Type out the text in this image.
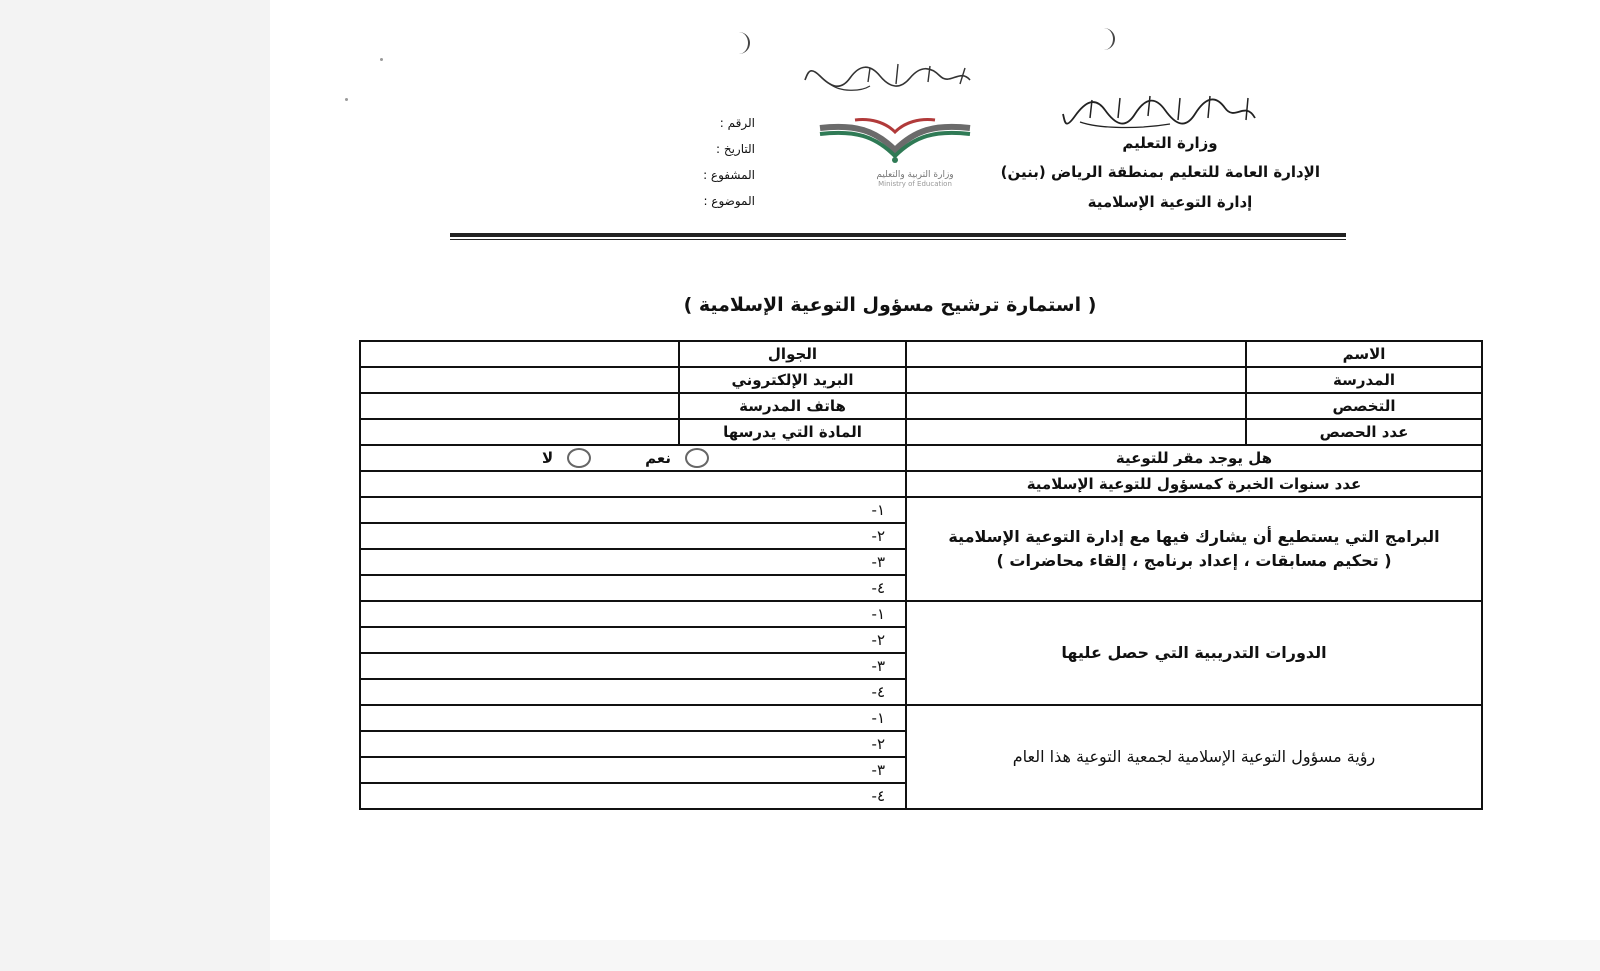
وزارة التربية والتعليم
Ministry of Education
وزارة التعليم
الإدارة العامة للتعليم بمنطقة الرياض (بنين)
إدارة التوعية الإسلامية
الرقم :
التاريخ :
المشفوع :
الموضوع :
( استمارة ترشيح مسؤول التوعية الإسلامية )
الاسم		الجوال	
المدرسة		البريد الإلكتروني	
التخصص		هاتف المدرسة	
عدد الحصص		المادة التي يدرسها	
هل يوجد مقر للتوعية		نعم
لا	

عدد سنوات الخبرة كمسؤول للتوعية الإسلامية			

البرامج التي يستطيع أن يشارك فيها مع إدارة التوعية الإسلامية
( تحكيم مسابقات ، إعداد برنامج ، إلقاء محاضرات )		١-	
		٢-	
		٣-	
		٤-	
الدورات التدريبية التي حصل عليها		١-	
		٢-	
		٣-	
		٤-	
رؤية مسؤول التوعية الإسلامية لجمعية التوعية هذا العام		١-	
		٢-	
		٣-	
		٤-	
